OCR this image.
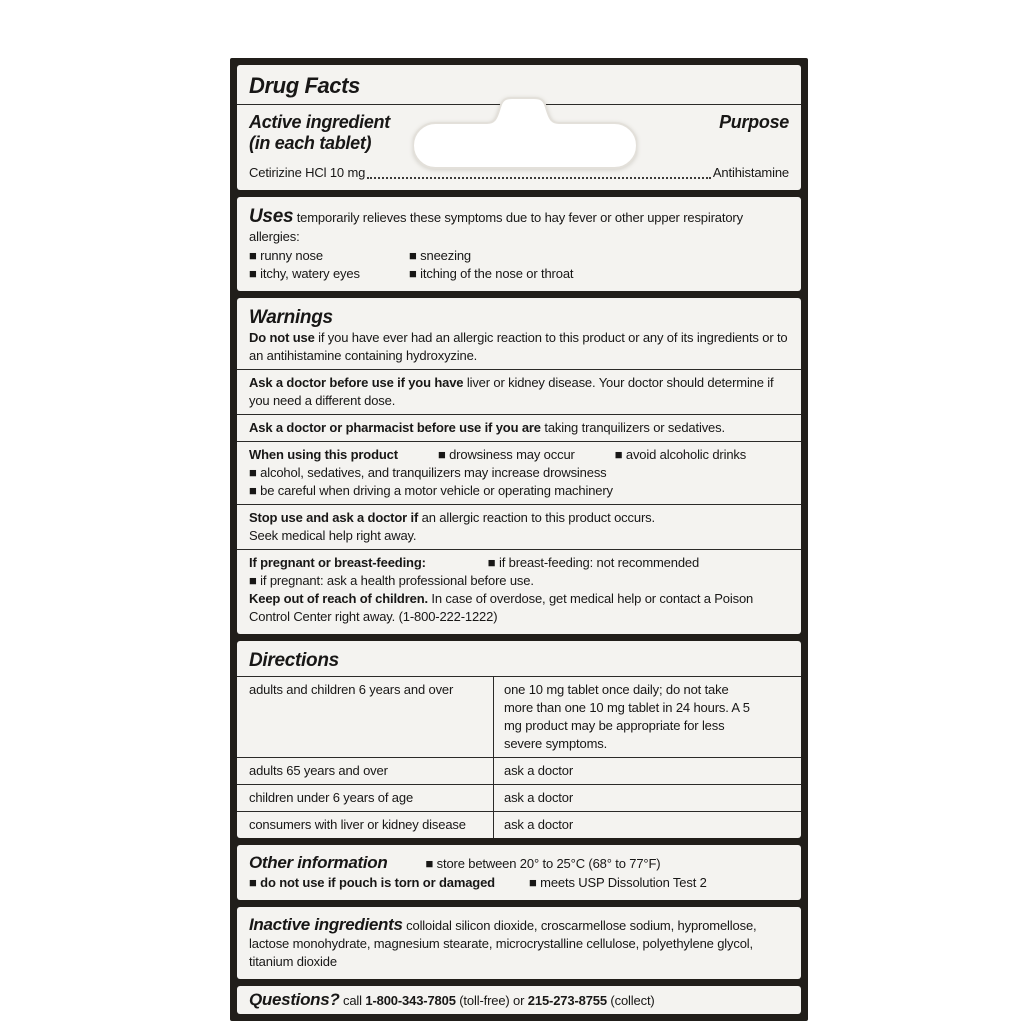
Drug Facts
Active ingredient
(in each tablet)
Purpose
Cetirizine HCl 10 mg	Antihistamine

Uses temporarily relieves these symptoms due to hay fever or other upper respiratory allergies:

■ runny nose	■ sneezing
■ itchy, watery eyes	■ itching of the nose or throat
Warnings

Do not use if you have ever had an allergic reaction to this product or any of its ingredients or to an antihistamine containing hydroxyzine.

Ask a doctor before use if you have liver or kidney disease. Your doctor should determine if you need a different dose.

Ask a doctor or pharmacist before use if you are taking tranquilizers or sedatives.

When using this product	■ drowsiness may occur	■ avoid alcoholic drinks

■ alcohol, sedatives, and tranquilizers may increase drowsiness

■ be careful when driving a motor vehicle or operating machinery

Stop use and ask a doctor if an allergic reaction to this product occurs.

Seek medical help right away.

If pregnant or breast-feeding:	■ if breast-feeding: not recommended

■ if pregnant: ask a health professional before use.

Keep out of reach of children. In case of overdose, get medical help or contact a Poison Control Center right away. (1-800-222-1222)

Directions
adults and children 6 years and over	one 10 mg tablet once daily; do not take more than one 10 mg tablet in 24 hours. A 5 mg product may be appropriate for less severe symptoms.
adults 65 years and over	ask a doctor
children under 6 years of age	ask a doctor
consumers with liver or kidney disease	ask a doctor
Other information	■ store between 20° to 25°C (68° to 77°F)
■ do not use if pouch is torn or damaged	■ meets USP Dissolution Test 2

Inactive ingredients colloidal silicon dioxide, croscarmellose sodium, hypromellose, lactose monohydrate, magnesium stearate, microcrystalline cellulose, polyethylene glycol, titanium dioxide

Questions? call 1-800-343-7805 (toll-free) or 215-273-8755 (collect)
